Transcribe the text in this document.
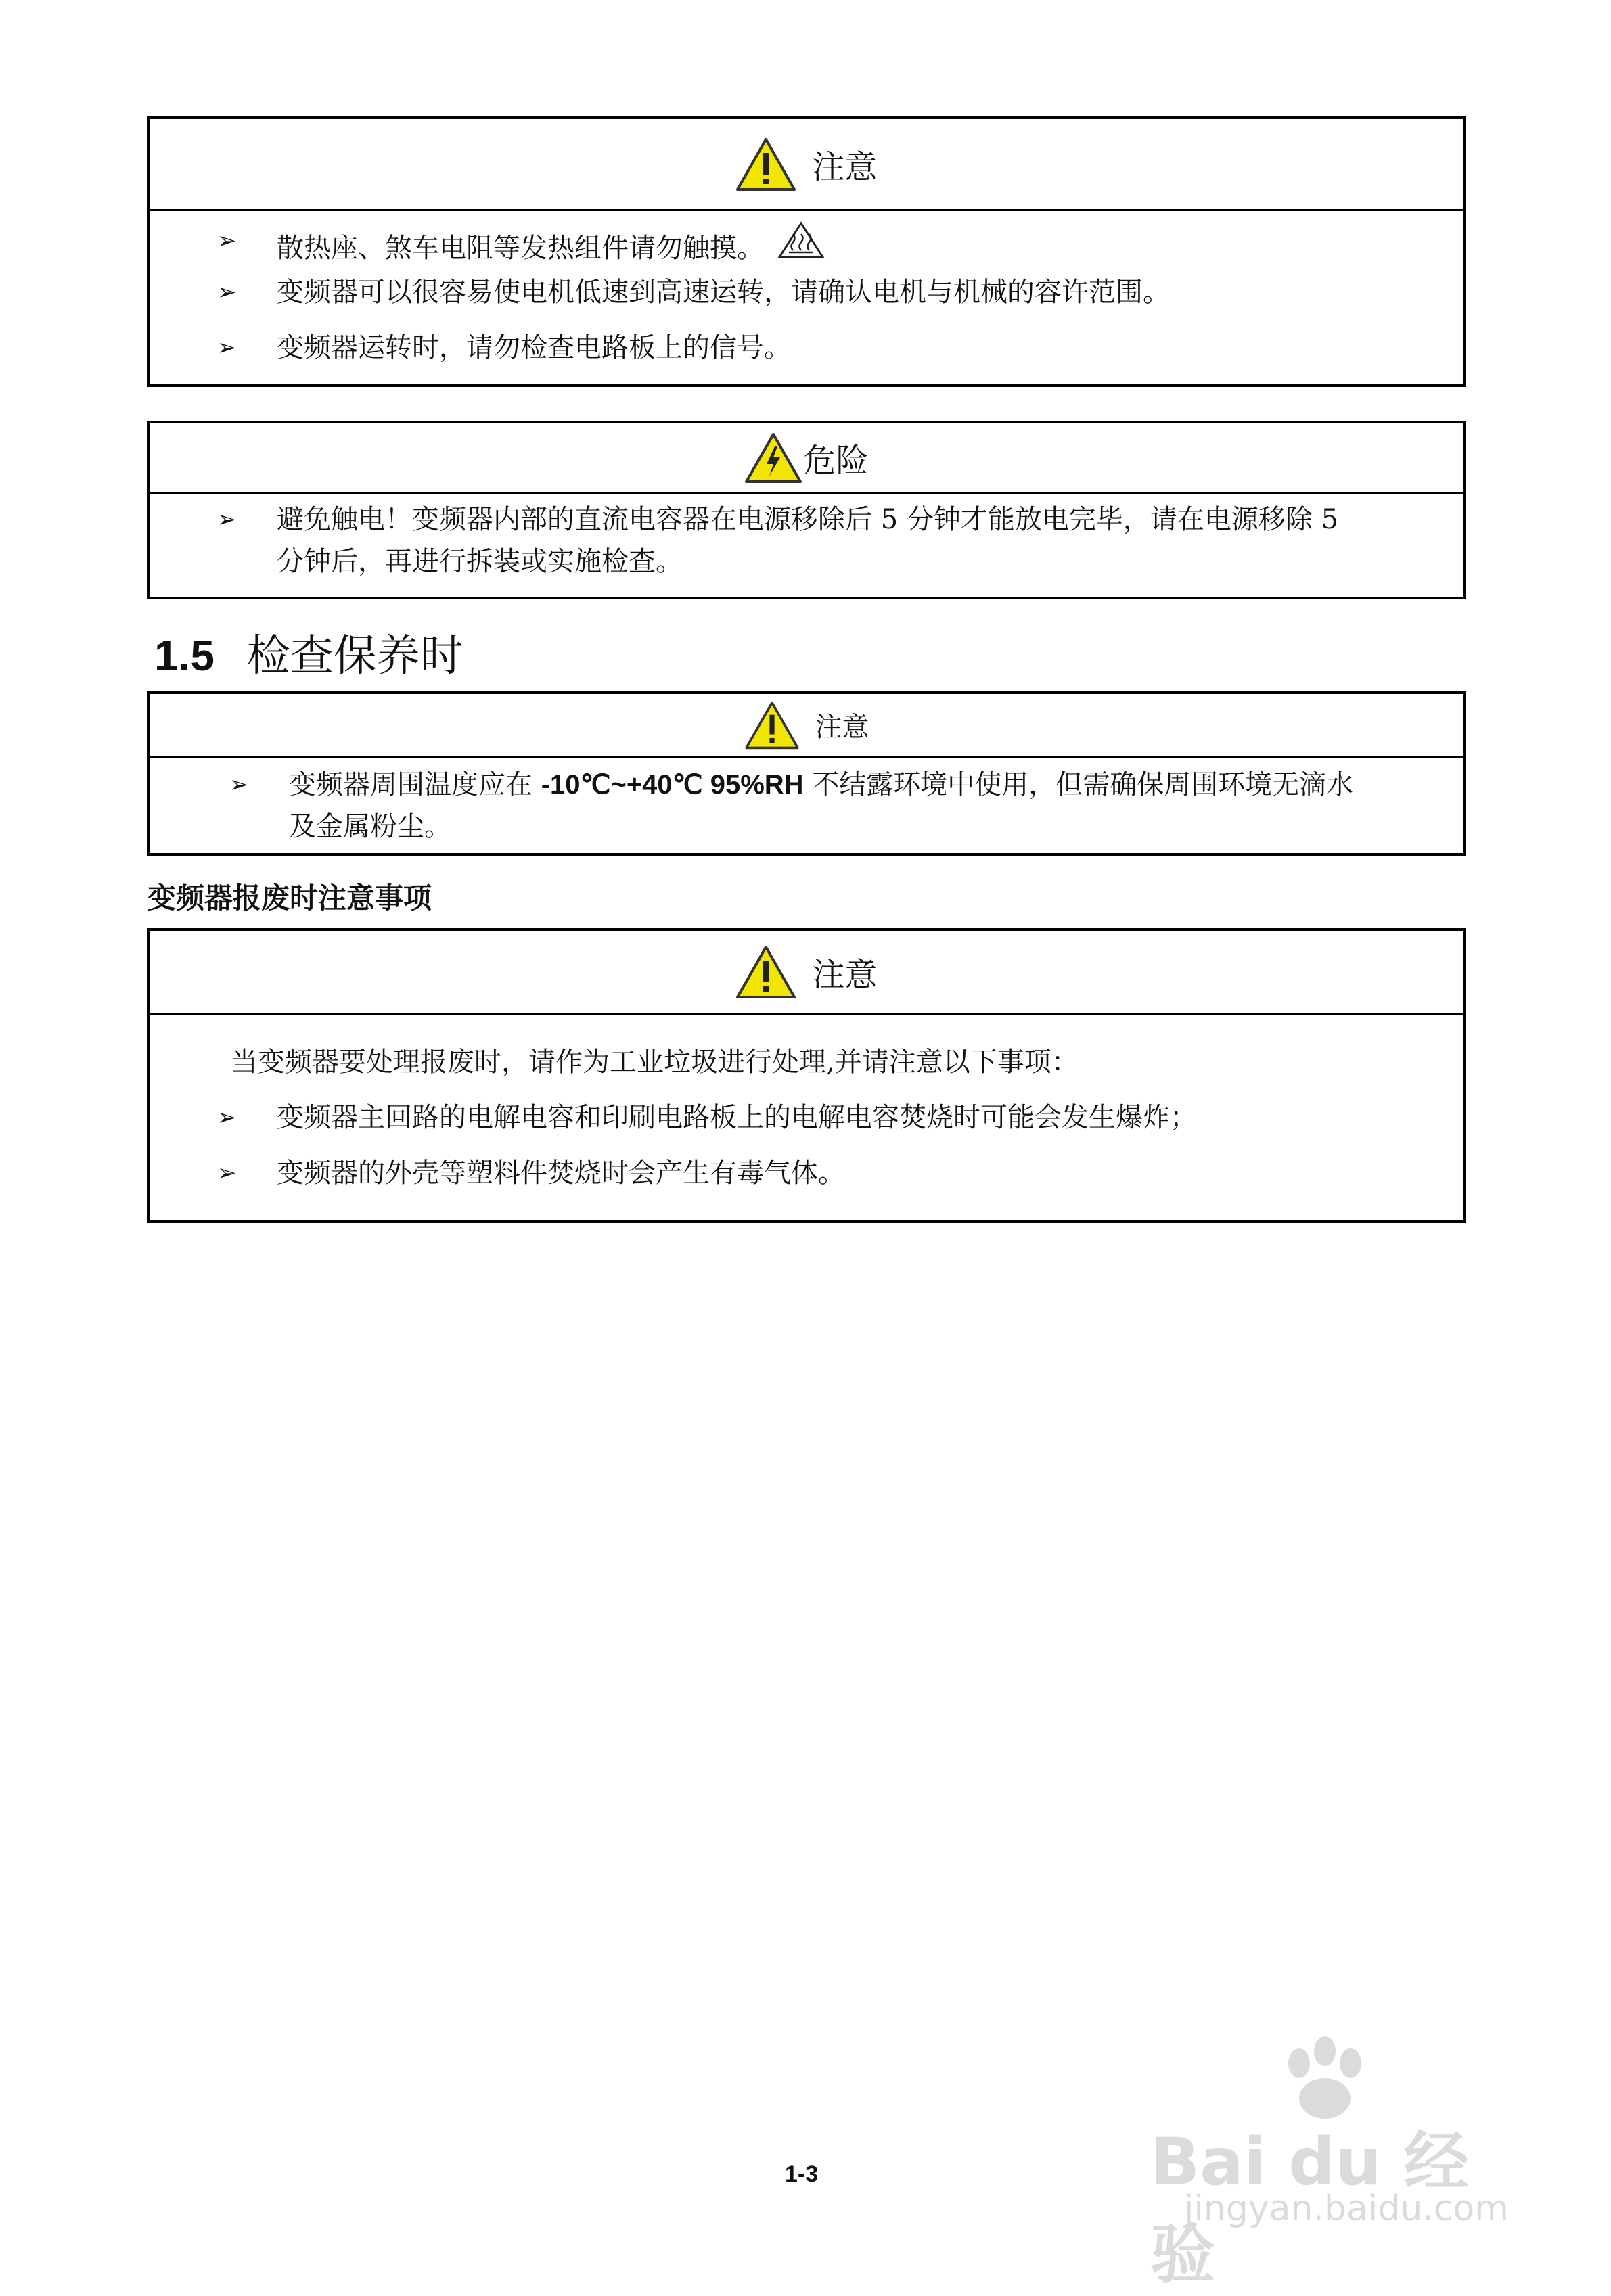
注意
➢	散热座、煞车电阻等发热组件请勿触摸。
➢	变频器可以很容易使电机低速到高速运转，请确认电机与机械的容许范围。
➢	变频器运转时，请勿检查电路板上的信号。
危险
➢	避免触电！变频器内部的直流电容器在电源移除后 5 分钟才能放电完毕，请在电源移除 5
分钟后，再进行拆装或实施检查。
1.5 检查保养时
注意
➢	变频器周围温度应在 -10℃~+40℃ 95%RH 不结露环境中使用，但需确保周围环境无滴水
及金属粉尘。
变频器报废时注意事项
注意
当变频器要处理报废时，请作为工业垃圾进行处理,并请注意以下事项：
➢	变频器主回路的电解电容和印刷电路板上的电解电容焚烧时可能会发生爆炸；
➢	变频器的外壳等塑料件焚烧时会产生有毒气体。
Bai du 经验
jingyan.baidu.com
1-3
